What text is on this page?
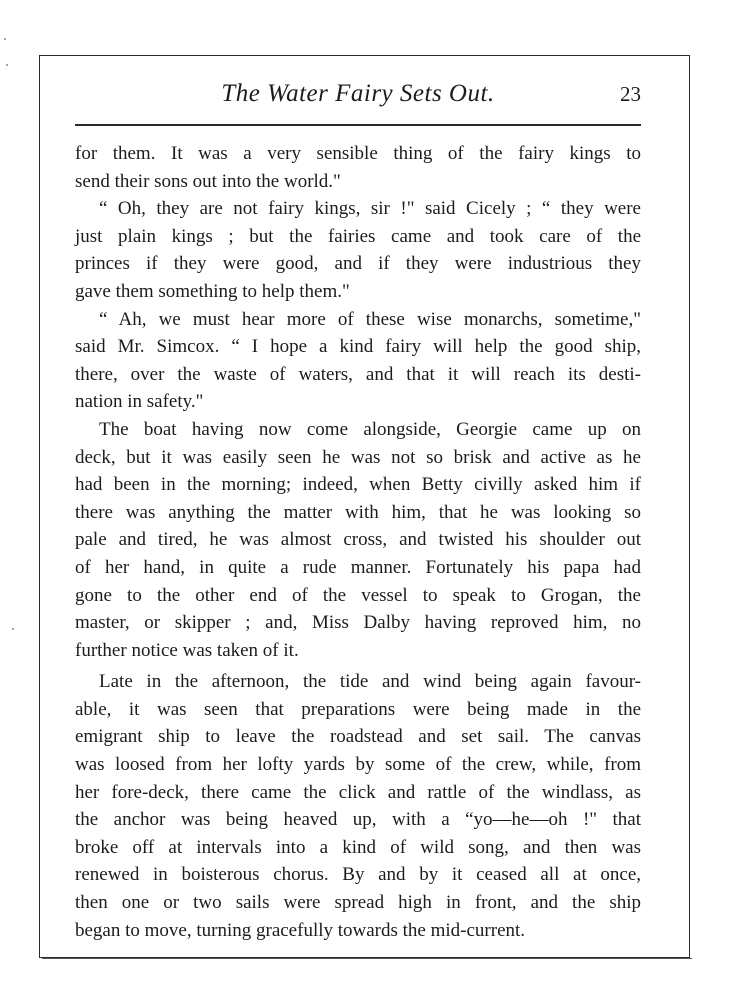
The Water Fairy Sets Out.	23
for them. It was a very sensible thing of the fairy kings to
send their sons out into the world."
“ Oh, they are not fairy kings, sir !" said Cicely ; “ they were
just plain kings ; but the fairies came and took care of the
princes if they were good, and if they were industrious they
gave them something to help them."
“ Ah, we must hear more of these wise monarchs, sometime,"
said Mr. Simcox. “ I hope a kind fairy will help the good ship,
there, over the waste of waters, and that it will reach its desti-
nation in safety."
The boat having now come alongside, Georgie came up on
deck, but it was easily seen he was not so brisk and active as he
had been in the morning; indeed, when Betty civilly asked him if
there was anything the matter with him, that he was looking so
pale and tired, he was almost cross, and twisted his shoulder out
of her hand, in quite a rude manner. Fortunately his papa had
gone to the other end of the vessel to speak to Grogan, the
master, or skipper ; and, Miss Dalby having reproved him, no
further notice was taken of it.
Late in the afternoon, the tide and wind being again favour-
able, it was seen that preparations were being made in the
emigrant ship to leave the roadstead and set sail. The canvas
was loosed from her lofty yards by some of the crew, while, from
her fore-deck, there came the click and rattle of the windlass, as
the anchor was being heaved up, with a “yo—he—oh !" that
broke off at intervals into a kind of wild song, and then was
renewed in boisterous chorus. By and by it ceased all at once,
then one or two sails were spread high in front, and the ship
began to move, turning gracefully towards the mid-current.
